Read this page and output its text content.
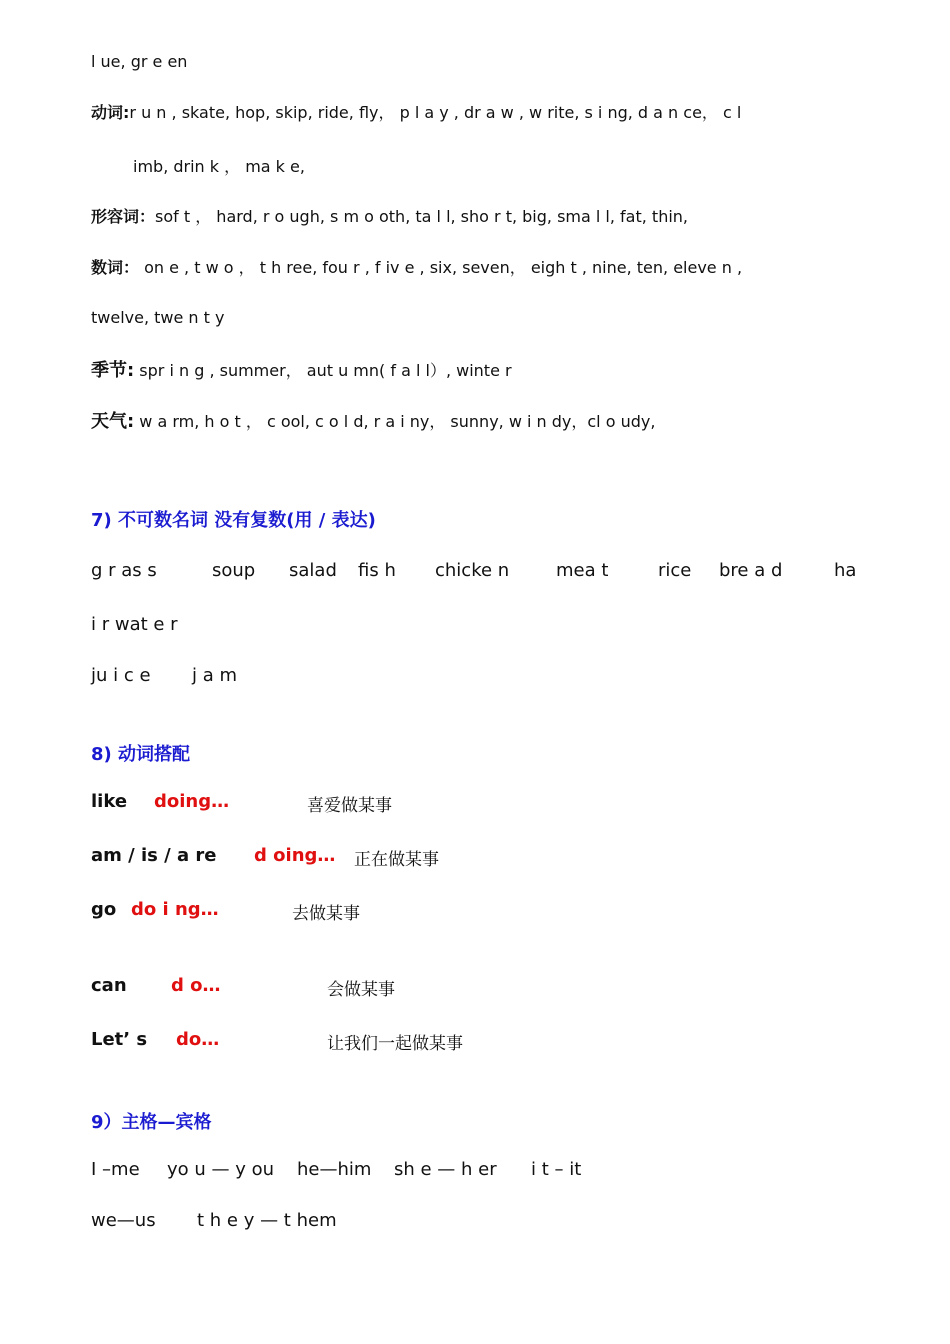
l ue, gr e en
动词:r u n , skate, hop, skip, ride, fly， p l a y , dr a w , w rite, s i ng, d a n ce， c l
imb, drin k ， ma k e,
形容词：sof t ， hard, r o ugh, s m o oth, ta l l, sho r t, big, sma l l, fat, thin,
数词： on e , t w o ， t h ree, fou r , f iv e , six, seven， eigh t , nine, ten, eleve n ,
twelve, twe n t y
季节: spr i n g , summer， aut u mn( f a l l）, winte r
天气: w a rm, h o t ， c ool, c o l d, r a i ny， sunny, w i n dy，cl o udy,
7) 不可数名词 没有复数(用 / 表达)
g r as s	soup salad fis h chicke n	mea t	rice bre a d	ha
i r wat e r
ju i c e j a m
8) 动词搭配
like doing…	喜爱做某事
am / is / a re d oing… 正在做某事
go do i ng…	去做某事
can d o…	会做某事
Let’ s do…	让我们一起做某事
9）主格—宾格
I –me yo u — y ou he—him sh e — h er i t – it
we—us t h e y — t hem
